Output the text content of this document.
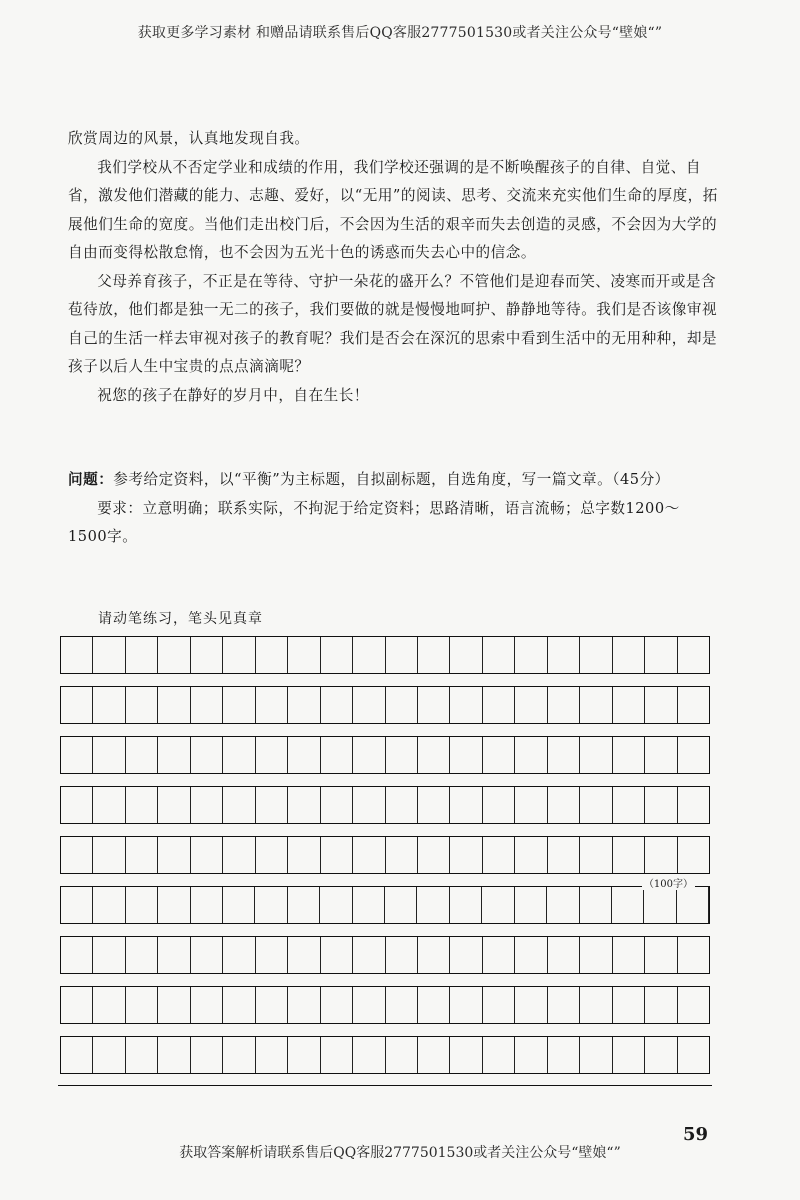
获取更多学习素材 和赠品请联系售后QQ客服2777501530或者关注公众号“壁娘“”

欣赏周边的风景，认真地发现自我。

我们学校从不否定学业和成绩的作用，我们学校还强调的是不断唤醒孩子的自律、自觉、自省，激发他们潜藏的能力、志趣、爱好，以“无用”的阅读、思考、交流来充实他们生命的厚度，拓展他们生命的宽度。当他们走出校门后，不会因为生活的艰辛而失去创造的灵感，不会因为大学的自由而变得松散怠惰，也不会因为五光十色的诱惑而失去心中的信念。

父母养育孩子，不正是在等待、守护一朵花的盛开么？不管他们是迎春而笑、凌寒而开或是含苞待放，他们都是独一无二的孩子，我们要做的就是慢慢地呵护、静静地等待。我们是否该像审视自己的生活一样去审视对孩子的教育呢？我们是否会在深沉的思索中看到生活中的无用种种，却是孩子以后人生中宝贵的点点滴滴呢？

祝您的孩子在静好的岁月中，自在生长！

问题：参考给定资料，以“平衡”为主标题，自拟副标题，自选角度，写一篇文章。（45分）

要求：立意明确；联系实际，不拘泥于给定资料；思路清晰，语言流畅；总字数1200～1500字。

请动笔练习，笔头见真章
（100字）
59
获取答案解析请联系售后QQ客服2777501530或者关注公众号“壁娘“”
